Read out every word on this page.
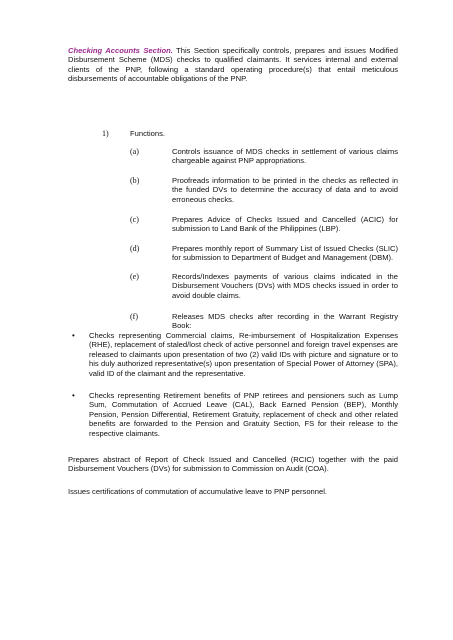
Checking Accounts Section. This Section specifically controls, prepares and issues Modified Disbursement Scheme (MDS) checks to qualified claimants. It services internal and external clients of the PNP, following a standard operating procedure(s) that entail meticulous disbursements of accountable obligations of the PNP.

1)	Functions.
(a)	Controls issuance of MDS checks in settlement of various claims chargeable against PNP appropriations.
(b)	Proofreads information to be printed in the checks as reflected in the funded DVs to determine the accuracy of data and to avoid erroneous checks.
(c)	Prepares Advice of Checks Issued and Cancelled (ACIC) for submission to Land Bank of the Philippines (LBP).
(d)	Prepares monthly report of Summary List of Issued Checks (SLIC) for submission to Department of Budget and Management (DBM).
(e)	Records/Indexes payments of various claims indicated in the Disbursement Vouchers (DVs) with MDS checks issued in order to avoid double claims.
(f)	Releases MDS checks after recording in the Warrant Registry Book:
• Checks representing Commercial claims, Re-imbursement of Hospitalization Expenses (RHE), replacement of staled/lost check of active personnel and foreign travel expenses are released to claimants upon presentation of two (2) valid IDs with picture and signature or to his duly authorized representative(s) upon presentation of Special Power of Attorney (SPA), valid ID of the claimant and the representative.
• Checks representing Retirement benefits of PNP retirees and pensioners such as Lump Sum, Commutation of Accrued Leave (CAL), Back Earned Pension (BEP), Monthly Pension, Pension Differential, Retirement Gratuity, replacement of check and other related benefits are forwarded to the Pension and Gratuity Section, FS for their release to the respective claimants.

Prepares abstract of Report of Check Issued and Cancelled (RCIC) together with the paid Disbursement Vouchers (DVs) for submission to Commission on Audit (COA).

Issues certifications of commutation of accumulative leave to PNP personnel.
